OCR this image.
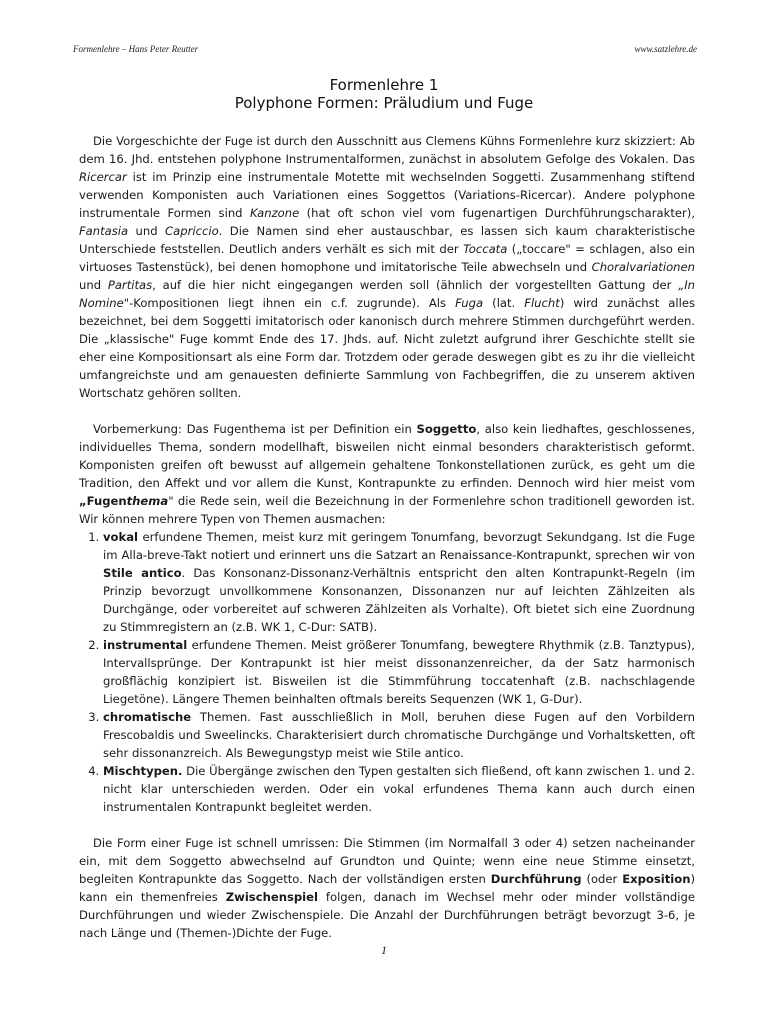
Formenlehre – Hans Peter Reutter	www.satzlehre.de
Formenlehre 1
Polyphone Formen: Präludium und Fuge

Die Vorgeschichte der Fuge ist durch den Ausschnitt aus Clemens Kühns Formenlehre kurz skizziert: Ab dem 16. Jhd. entstehen polyphone Instrumentalformen, zunächst in absolutem Gefolge des Vokalen. Das Ricercar ist im Prinzip eine instrumentale Motette mit wechselnden Soggetti. Zusammenhang stiftend verwenden Komponisten auch Variationen eines Soggettos (Variations-Ricercar). Andere polyphone instrumentale Formen sind Kanzone (hat oft schon viel vom fugenartigen Durchführungscharakter), Fantasia und Capriccio. Die Namen sind eher austauschbar, es lassen sich kaum charakteristische Unterschiede feststellen. Deutlich anders verhält es sich mit der Toccata („toccare" = schlagen, also ein virtuoses Tastenstück), bei denen homophone und imitatorische Teile abwechseln und Choralvariationen und Partitas, auf die hier nicht eingegangen werden soll (ähnlich der vorgestellten Gattung der „In Nomine"-Kompositionen liegt ihnen ein c.f. zugrunde). Als Fuga (lat. Flucht) wird zunächst alles bezeichnet, bei dem Soggetti imitatorisch oder kanonisch durch mehrere Stimmen durchgeführt werden. Die „klassische" Fuge kommt Ende des 17. Jhds. auf. Nicht zuletzt aufgrund ihrer Geschichte stellt sie eher eine Kompositionsart als eine Form dar. Trotzdem oder gerade deswegen gibt es zu ihr die vielleicht umfangreichste und am genauesten definierte Sammlung von Fachbegriffen, die zu unserem aktiven Wortschatz gehören sollten.

Vorbemerkung: Das Fugenthema ist per Definition ein Soggetto, also kein liedhaftes, geschlossenes, individuelles Thema, sondern modellhaft, bisweilen nicht einmal besonders charakteristisch geformt. Komponisten greifen oft bewusst auf allgemein gehaltene Tonkonstellationen zurück, es geht um die Tradition, den Affekt und vor allem die Kunst, Kontrapunkte zu erfinden. Dennoch wird hier meist vom „Fugenthema" die Rede sein, weil die Bezeichnung in der Formenlehre schon traditionell geworden ist. Wir können mehrere Typen von Themen ausmachen:

1. vokal erfundene Themen, meist kurz mit geringem Tonumfang, bevorzugt Sekundgang. Ist die Fuge im Alla-breve-Takt notiert und erinnert uns die Satzart an Renaissance-Kontrapunkt, sprechen wir von Stile antico. Das Konsonanz-Dissonanz-Verhältnis entspricht den alten Kontrapunkt-Regeln (im Prinzip bevorzugt unvollkommene Konsonanzen, Dissonanzen nur auf leichten Zählzeiten als Durchgänge, oder vorbereitet auf schweren Zählzeiten als Vorhalte). Oft bietet sich eine Zuordnung zu Stimmregistern an (z.B. WK 1, C-Dur: SATB).
2. instrumental erfundene Themen. Meist größerer Tonumfang, bewegtere Rhythmik (z.B. Tanztypus), Intervallsprünge. Der Kontrapunkt ist hier meist dissonanzenreicher, da der Satz harmonisch großflächig konzipiert ist. Bisweilen ist die Stimmführung toccatenhaft (z.B. nachschlagende Liegetöne). Längere Themen beinhalten oftmals bereits Sequenzen (WK 1, G-Dur).
3. chromatische Themen. Fast ausschließlich in Moll, beruhen diese Fugen auf den Vorbildern Frescobaldis und Sweelincks. Charakterisiert durch chromatische Durchgänge und Vorhaltsketten, oft sehr dissonanzreich. Als Bewegungstyp meist wie Stile antico.
4. Mischtypen. Die Übergänge zwischen den Typen gestalten sich fließend, oft kann zwischen 1. und 2. nicht klar unterschieden werden. Oder ein vokal erfundenes Thema kann auch durch einen instrumentalen Kontrapunkt begleitet werden.

Die Form einer Fuge ist schnell umrissen: Die Stimmen (im Normalfall 3 oder 4) setzen nacheinander ein, mit dem Soggetto abwechselnd auf Grundton und Quinte; wenn eine neue Stimme einsetzt, begleiten Kontrapunkte das Soggetto. Nach der vollständigen ersten Durchführung (oder Exposition) kann ein themenfreies Zwischenspiel folgen, danach im Wechsel mehr oder minder vollständige Durchführungen und wieder Zwischenspiele. Die Anzahl der Durchführungen beträgt bevorzugt 3-6, je nach Länge und (Themen-)Dichte der Fuge.

1
